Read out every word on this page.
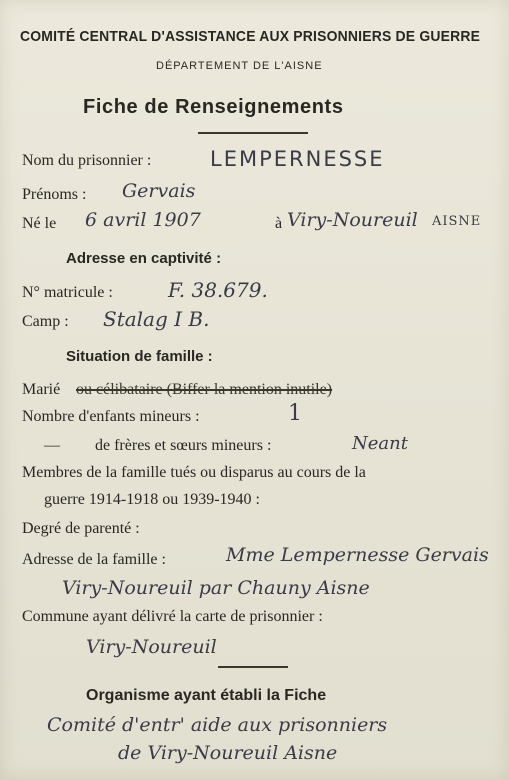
COMITÉ CENTRAL D'ASSISTANCE AUX PRISONNIERS DE GUERRE
DÉPARTEMENT DE L'AISNE
Fiche de Renseignements
Nom du prisonnier :	LEMPERNESSE
Prénoms : Gervais
Né le 6 avril 1907	à Viry-Noureuil AISNE
Adresse en captivité :
N° matricule :	F. 38.679.
Camp : Stalag I B.
Situation de famille :
Marié ou célibataire (Biffer la mention inutile)
Nombre d'enfants mineurs :	1
— de frères et sœurs mineurs :	Neant
Membres de la famille tués ou disparus au cours de la
guerre 1914-1918 ou 1939-1940 :
Degré de parenté :
Adresse de la famille :	Mme Lempernesse Gervais
Viry-Noureuil par Chauny Aisne
Commune ayant délivré la carte de prisonnier :
Viry-Noureuil
Organisme ayant établi la Fiche
Comité d'entr' aide aux prisonniers
de Viry-Noureuil Aisne
